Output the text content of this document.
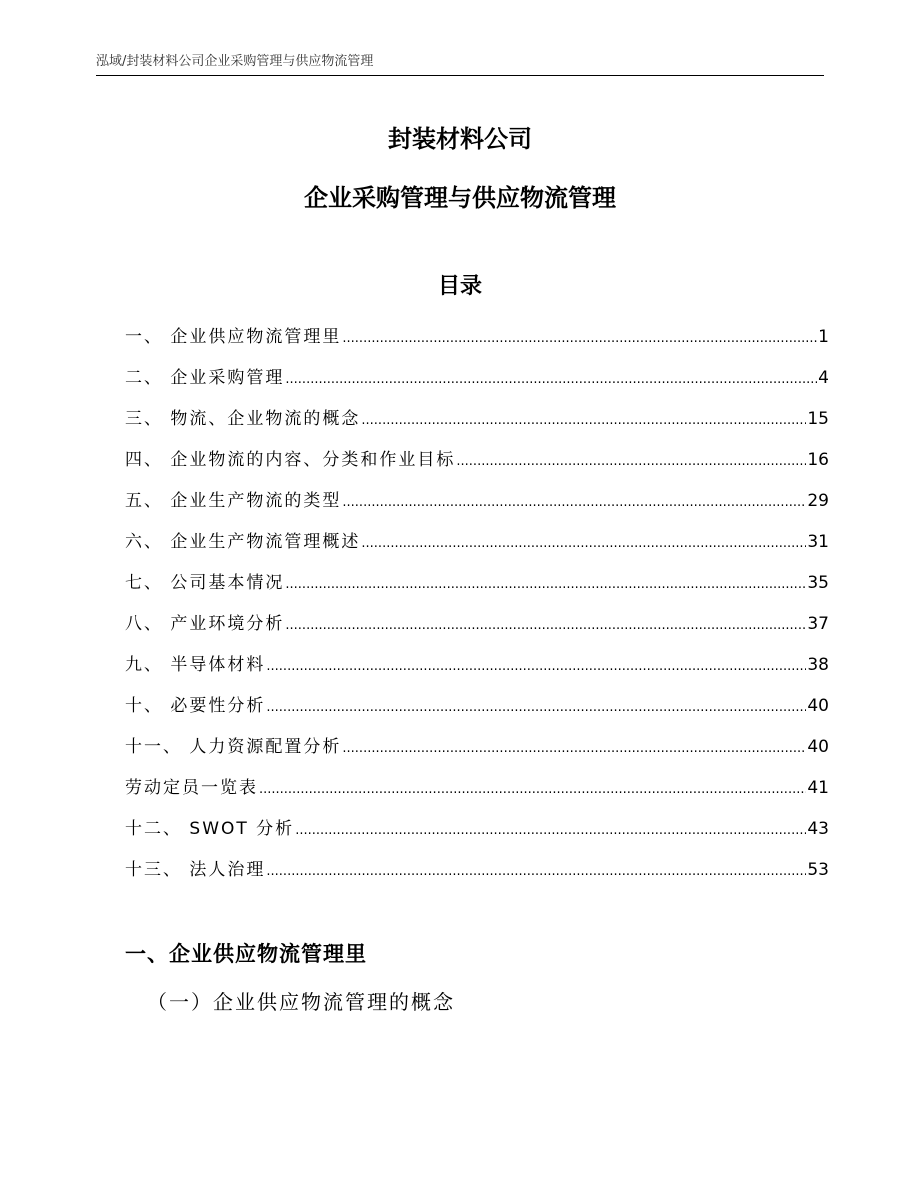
泓域/封装材料公司企业采购管理与供应物流管理
封装材料公司
企业采购管理与供应物流管理
目录
一、 企业供应物流管理里 .....	1
二、 企业采购管理 .....	4
三、 物流、企业物流的概念 .....	15
四、 企业物流的内容、分类和作业目标 .....	16
五、 企业生产物流的类型 .....	29
六、 企业生产物流管理概述 .....	31
七、 公司基本情况 .....	35
八、 产业环境分析 .....	37
九、 半导体材料 .....	38
十、 必要性分析 .....	40
十一、 人力资源配置分析 .....	40
劳动定员一览表 .....	41
十二、 SWOT 分析 .....	43
十三、 法人治理 .....	53
一、企业供应物流管理里
（一）企业供应物流管理的概念
